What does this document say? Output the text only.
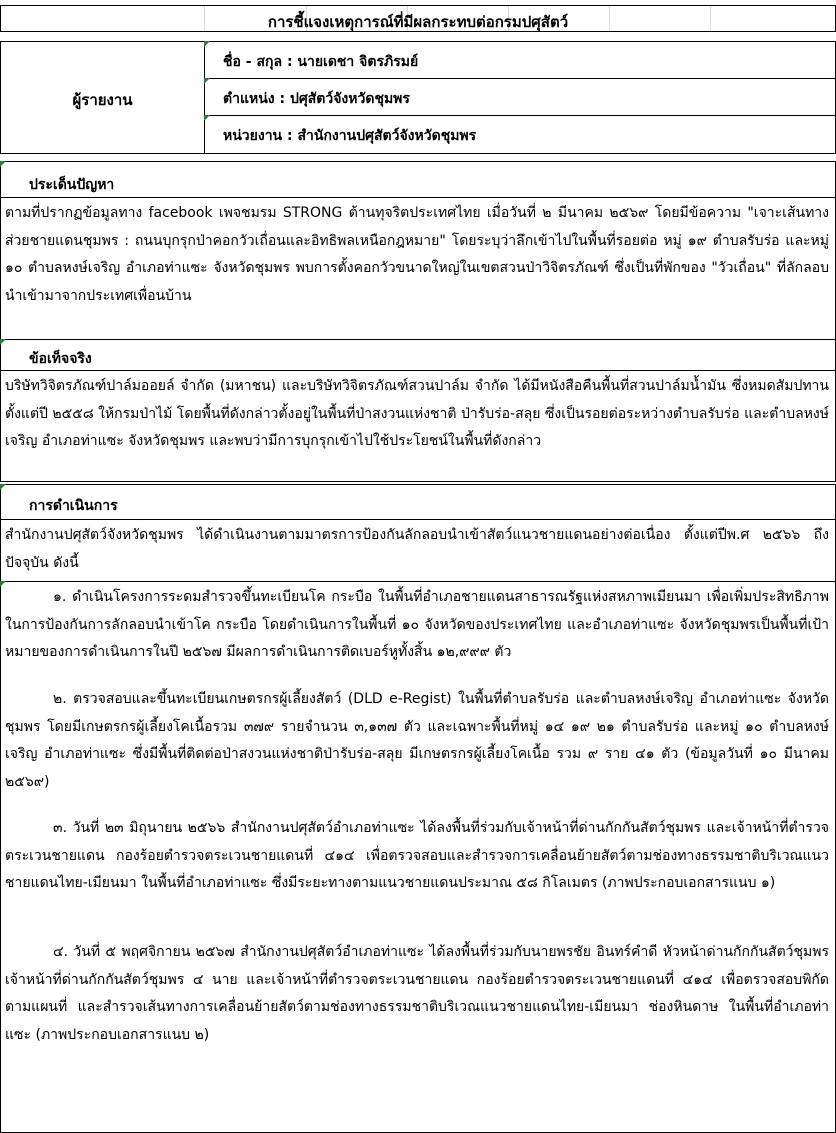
การชี้แจงเหตุการณ์ที่มีผลกระทบต่อกรมปศุสัตว์
ผู้รายงาน
ชื่อ - สกุล : นายเดชา จิตรภิรมย์
ตำแหน่ง : ปศุสัตว์จังหวัดชุมพร
หน่วยงาน : สำนักงานปศุสัตว์จังหวัดชุมพร
ประเด็นปัญหา
ตามที่ปรากฏข้อมูลทาง facebook เพจชมรม STRONG ต้านทุจริตประเทศไทย เมื่อวันที่ ๒ มีนาคม ๒๕๖๙ โดยมีข้อความ "เจาะเส้นทางส่วยชายแดนชุมพร : ถนนบุกรุกป่าคอกวัวเถื่อนและอิทธิพลเหนือกฎหมาย" โดยระบุว่าลึกเข้าไปในพื้นที่รอยต่อ หมู่ ๑๙ ตำบลรับร่อ และหมู่ ๑๐ ตำบลหงษ์เจริญ อำเภอท่าแซะ จังหวัดชุมพร พบการตั้งคอกวัวขนาดใหญ่ในเขตสวนป่าวิจิตรภัณฑ์ ซึ่งเป็นที่พักของ "วัวเถื่อน" ที่ลักลอบนำเข้ามาจากประเทศเพื่อนบ้าน
ข้อเท็จจริง
บริษัทวิจิตรภัณฑ์ปาล์มออยล์ จำกัด (มหาชน) และบริษัทวิจิตรภัณฑ์สวนปาล์ม จำกัด ได้มีหนังสือคืนพื้นที่สวนปาล์มน้ำมัน ซึ่งหมดสัมปทานตั้งแต่ปี ๒๕๕๘ ให้กรมป่าไม้ โดยพื้นที่ดังกล่าวตั้งอยู่ในพื้นที่ป่าสงวนแห่งชาติ ป่ารับร่อ-สลุย ซึ่งเป็นรอยต่อระหว่างตำบลรับร่อ และตำบลหงษ์เจริญ อำเภอท่าแซะ จังหวัดชุมพร และพบว่ามีการบุกรุกเข้าไปใช้ประโยชน์ในพื้นที่ดังกล่าว
การดำเนินการ
สำนักงานปศุสัตว์จังหวัดชุมพร ได้ดำเนินงานตามมาตรการป้องกันลักลอบนำเข้าสัตว์แนวชายแดนอย่างต่อเนื่อง ตั้งแต่ปีพ.ศ ๒๕๖๖ ถึงปัจจุบัน ดังนี้
๑. ดำเนินโครงการระดมสำรวจขึ้นทะเบียนโค กระบือ ในพื้นที่อำเภอชายแดนสาธารณรัฐแห่งสหภาพเมียนมา เพื่อเพิ่มประสิทธิภาพในการป้องกันการลักลอบนำเข้าโค กระบือ โดยดำเนินการในพื้นที่ ๑๐ จังหวัดของประเทศไทย และอำเภอท่าแซะ จังหวัดชุมพรเป็นพื้นที่เป้าหมายของการดำเนินการในปี ๒๕๖๗ มีผลการดำเนินการติดเบอร์หูทั้งสิ้น ๑๒,๙๙๙ ตัว
๒. ตรวจสอบและขึ้นทะเบียนเกษตรกรผู้เลี้ยงสัตว์ (DLD e-Regist) ในพื้นที่ตำบลรับร่อ และตำบลหงษ์เจริญ อำเภอท่าแซะ จังหวัดชุมพร โดยมีเกษตรกรผู้เลี้ยงโคเนื้อรวม ๓๗๙ รายจำนวน ๓,๑๓๗ ตัว และเฉพาะพื้นที่หมู่ ๑๔ ๑๙ ๒๑ ตำบลรับร่อ และหมู่ ๑๐ ตำบลหงษ์เจริญ อำเภอท่าแซะ ซึ่งมีพื้นที่ติดต่อป่าสงวนแห่งชาติป่ารับร่อ-สลุย มีเกษตรกรผู้เลี้ยงโคเนื้อ รวม ๙ ราย ๔๑ ตัว (ข้อมูลวันที่ ๑๐ มีนาคม ๒๕๖๙)
๓. วันที่ ๒๓ มิถุนายน ๒๕๖๖ สำนักงานปศุสัตว์อำเภอท่าแซะ ได้ลงพื้นที่ร่วมกับเจ้าหน้าที่ด่านกักกันสัตว์ชุมพร และเจ้าหน้าที่ตำรวจตระเวนชายแดน กองร้อยตำรวจตระเวนชายแดนที่ ๔๑๔ เพื่อตรวจสอบและสำรวจการเคลื่อนย้ายสัตว์ตามช่องทางธรรมชาติบริเวณแนวชายแดนไทย-เมียนมา ในพื้นที่อำเภอท่าแซะ ซึ่งมีระยะทางตามแนวชายแดนประมาณ ๕๘ กิโลเมตร (ภาพประกอบเอกสารแนบ ๑)
๔. วันที่ ๕ พฤศจิกายน ๒๕๖๗ สำนักงานปศุสัตว์อำเภอท่าแซะ ได้ลงพื้นที่ร่วมกับนายพรชัย อินทร์คำดี หัวหน้าด่านกักกันสัตว์ชุมพร เจ้าหน้าที่ด่านกักกันสัตว์ชุมพร ๔ นาย และเจ้าหน้าที่ตำรวจตระเวนชายแดน กองร้อยตำรวจตระเวนชายแดนที่ ๔๑๔ เพื่อตรวจสอบพิกัดตามแผนที่ และสำรวจเส้นทางการเคลื่อนย้ายสัตว์ตามช่องทางธรรมชาติบริเวณแนวชายแดนไทย-เมียนมา ช่องหินดาษ ในพื้นที่อำเภอท่าแซะ (ภาพประกอบเอกสารแนบ ๒)
